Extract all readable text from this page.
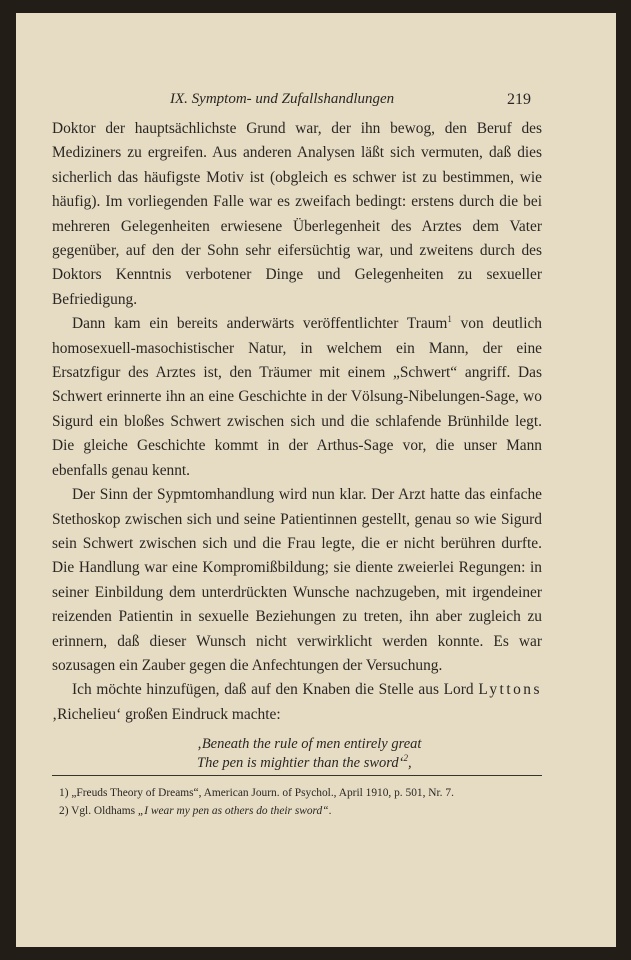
IX. Symptom- und Zufallshandlungen	219

Doktor der hauptsächlichste Grund war, der ihn bewog, den Beruf des Mediziners zu ergreifen. Aus anderen Analysen läßt sich vermuten, daß dies sicherlich das häufigste Motiv ist (obgleich es schwer ist zu bestimmen, wie häufig). Im vorliegenden Falle war es zweifach bedingt: erstens durch die bei mehreren Gelegenheiten erwiesene Überlegenheit des Arztes dem Vater gegenüber, auf den der Sohn sehr eifersüchtig war, und zweitens durch des Doktors Kenntnis verbotener Dinge und Gelegenheiten zu sexueller Befriedigung.

Dann kam ein bereits anderwärts veröffentlichter Traum$^1$ von deutlich homosexuell-masochistischer Natur, in welchem ein Mann, der eine Ersatzfigur des Arztes ist, den Träumer mit einem „Schwert“ angriff. Das Schwert erinnerte ihn an eine Geschichte in der Völsung-Nibelungen-Sage, wo Sigurd ein bloßes Schwert zwischen sich und die schlafende Brünhilde legt. Die gleiche Geschichte kommt in der Arthus-Sage vor, die unser Mann ebenfalls genau kennt.

Der Sinn der Sypmtomhandlung wird nun klar. Der Arzt hatte das einfache Stethoskop zwischen sich und seine Patientinnen gestellt, genau so wie Sigurd sein Schwert zwischen sich und die Frau legte, die er nicht berühren durfte. Die Handlung war eine Kompromißbildung; sie diente zweierlei Regungen: in seiner Einbildung dem unterdrückten Wunsche nachzugeben, mit irgendeiner reizenden Patientin in sexuelle Beziehungen zu treten, ihn aber zugleich zu erinnern, daß dieser Wunsch nicht verwirklicht werden konnte. Es war sozusagen ein Zauber gegen die Anfechtungen der Versuchung.

Ich möchte hinzufügen, daß auf den Knaben die Stelle aus Lord Lyttons ‚Richelieu‘ großen Eindruck machte:

‚Beneath the rule of men entirely great
The pen is mightier than the sword‘$^2$,
1) „Freuds Theory of Dreams“, American Journ. of Psychol., April 1910, p. 501, Nr. 7.
2) Vgl. Oldhams „I wear my pen as others do their sword“.
